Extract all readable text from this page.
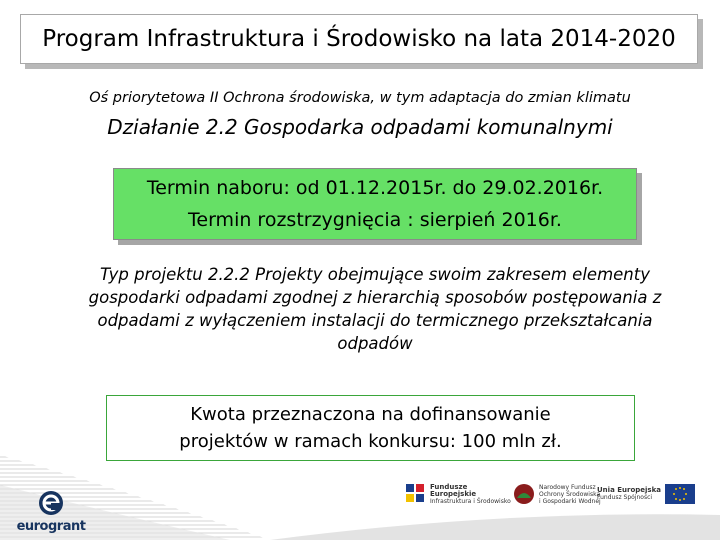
Program Infrastruktura i Środowisko na lata 2014-2020
Oś priorytetowa II Ochrona środowiska, w tym adaptacja do zmian klimatu
Działanie 2.2 Gospodarka odpadami komunalnymi
Termin naboru: od 01.12.2015r. do 29.02.2016r.
Termin rozstrzygnięcia : sierpień 2016r.
Typ projektu 2.2.2 Projekty obejmujące swoim zakresem elementy gospodarki odpadami zgodnej z hierarchią sposobów postępowania z odpadami z wyłączeniem instalacji do termicznego przekształcania odpadów
Kwota przeznaczona na dofinansowanie
projektów w ramach konkursu: 100 mln zł.
eurogrant
Fundusze
Europejskie
Infrastruktura i Środowisko
Narodowy Fundusz
Ochrony Środowiska
i Gospodarki Wodnej
Unia Europejska
Fundusz Spójności
